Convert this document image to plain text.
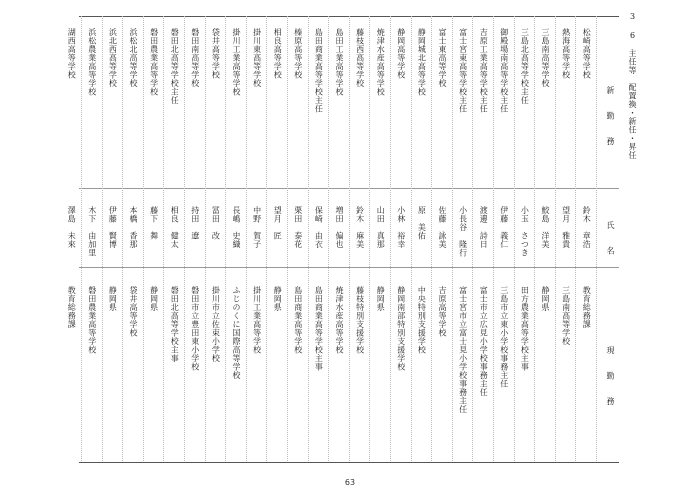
3 6　主任等　配置換・新任・昇任
新　　勤　　務
氏　　名
現　　勤　　務
松崎高等学校
鈴木　章浩
教育総務課
熱海高等学校
望月　雅貴
三島南高等学校
三島南高等学校
鮫島　洋美
静岡県
三島北高等学校主任
小玉　さつき
田方農業高等学校主事
御殿場南高等学校主任
伊藤　義仁
三島市立東小学校事務主任
吉原工業高等学校主任
渡邊　詩日
富士市立広見小学校事務主任
富士宮東高等学校主任
小長谷　隆行
富士宮市立富士見小学校事務主任
富士東高等学校
佐藤　詠美
吉原高等学校
静岡城北高等学校
原　美佑
中央特別支援学校
静岡高等学校
小林　裕幸
静岡南部特別支援学校
焼津水産高等学校
山田　真那
静岡県
藤枝西高等学校
鈴木　麻美
藤枝特別支援学校
島田工業高等学校
増田　偏也
焼津水産高等学校
島田商業高等学校主任
保崎　由衣
島田商業高等学校主事
榛原高等学校
栗田　泰花
島田商業高等学校
相良高等学校
望月　匠
静岡県
掛川東高等学校
中野　賀子
掛川工業高等学校
掛川工業高等学校
長嶋　史織
ふじのくに国際高等学校
袋井高等学校
冨田　改
掛川市立佐束小学校
磐田南高等学校
持田　遼
磐田市立豊田東小学校
磐田北高等学校主任
相良　健太
磐田北高等学校主事
磐田農業高等学校
藤下　舞
静岡県
浜松北高等学校
本橋　香那
袋井高等学校
浜北西高等学校
伊藤　賢博
静岡県
浜松農業高等学校
木下　由加里
磐田農業高等学校
湖西高等学校
澤島　未來
教育総務課
63
